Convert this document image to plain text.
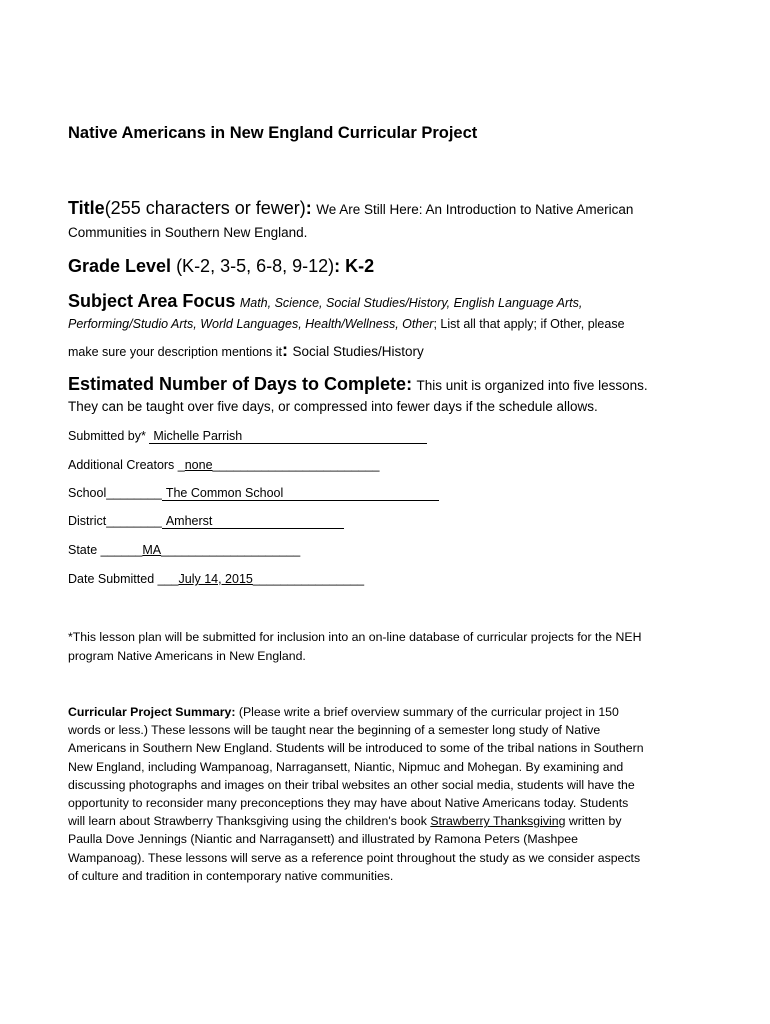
Native Americans in New England Curricular Project
Title(255 characters or fewer): We Are Still Here: An Introduction to Native American
Communities in Southern New England.
Grade Level (K-2, 3-5, 6-8, 9-12): K-2
Subject Area Focus Math, Science, Social Studies/History, English Language Arts,
Performing/Studio Arts, World Languages, Health/Wellness, Other; List all that apply; if Other, please
make sure your description mentions it: Social Studies/History
Estimated Number of Days to Complete: This unit is organized into five lessons.
They can be taught over five days, or compressed into fewer days if the schedule allows.
Submitted by* Michelle Parrish
Additional Creators _none________________________
School________ The Common School
District________ Amherst
State ______MA____________________
Date Submitted ___July 14, 2015________________
*This lesson plan will be submitted for inclusion into an on-line database of curricular projects for the NEH program Native Americans in New England.
Curricular Project Summary: (Please write a brief overview summary of the curricular project in 150 words or less.) These lessons will be taught near the beginning of a semester long study of Native Americans in Southern New England. Students will be introduced to some of the tribal nations in Southern New England, including Wampanoag, Narragansett, Niantic, Nipmuc and Mohegan. By examining and discussing photographs and images on their tribal websites an other social media, students will have the opportunity to reconsider many preconceptions they may have about Native Americans today. Students will learn about Strawberry Thanksgiving using the children's book Strawberry Thanksgiving written by Paulla Dove Jennings (Niantic and Narragansett) and illustrated by Ramona Peters (Mashpee Wampanoag). These lessons will serve as a reference point throughout the study as we consider aspects of culture and tradition in contemporary native communities.
